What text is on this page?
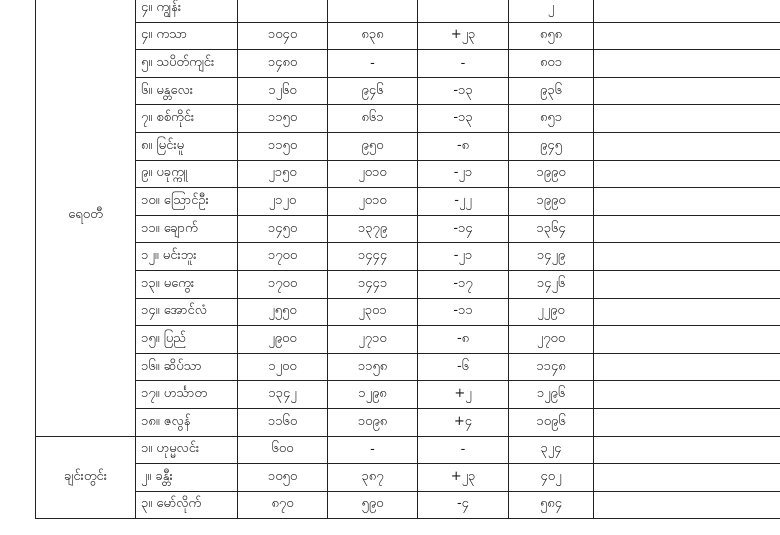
ရေဝတီ	၄။ ကျွန်း				၂	
	၄။ ကသာ	၁၀၄၀	၈၃၈	+၂၃	၈၅၈	
	၅။ သပိတ်ကျင်း	၁၄၈၀	-	-	၈၀၁	
	၆။ မန္တလေး	၁၂၆၀	၉၄၆	-၁၃	၉၃၆	
	၇။ စစ်ကိုင်း	၁၁၅၀	၈၆၁	-၁၃	၈၅၁	
	၈။ မြင်းမူ	၁၁၅၀	၉၅၀	-၈	၉၄၅	
	၉။ ပခုက္ကူ	၂၁၅၀	၂၀၁၀	-၂၁	၁၉၉၀	
	၁၀။ သြောင်ဦး	၂၁၂၀	၂၀၁၀	-၂၂	၁၉၉၀	
	၁၁။ ချောက်	၁၄၅၀	၁၃၇၉	-၁၄	၁၃၆၄	
	၁၂။ မင်းဘူး	၁၇၀၀	၁၄၄၄	-၂၁	၁၄၂၉	
	၁၃။ မကွေး	၁၇၀၀	၁၄၄၁	-၁၇	၁၄၂၆	
	၁၄။ အောင်လံ	၂၅၅၀	၂၃၀၁	-၁၁	၂၂၉၀	
	၁၅။ ပြည်	၂၉၀၀	၂၇၁၀	-၈	၂၇၀၀	
	၁၆။ ဆိပ်သာ	၁၂၀၀	၁၁၅၈	-၆	၁၁၄၈	
	၁၇။ ဟင်္သာတ	၁၃၄၂	၁၂၉၈	+၂	၁၂၉၆	
	၁၈။ ဇလွန်	၁၁၆၀	၁၀၉၈	+၄	၁၀၉၆	
ချင်းတွင်း	၁။ ဟုမ္မလင်း	၆၀၀	-	-	၃၂၄	
	၂။ ခန္တီး	၁၀၅၀	၃၈၇	+၂၃	၄၀၂	
	၃။ မော်လိုက်	၈၇၀	၅၉၀	-၄	၅၈၄	
